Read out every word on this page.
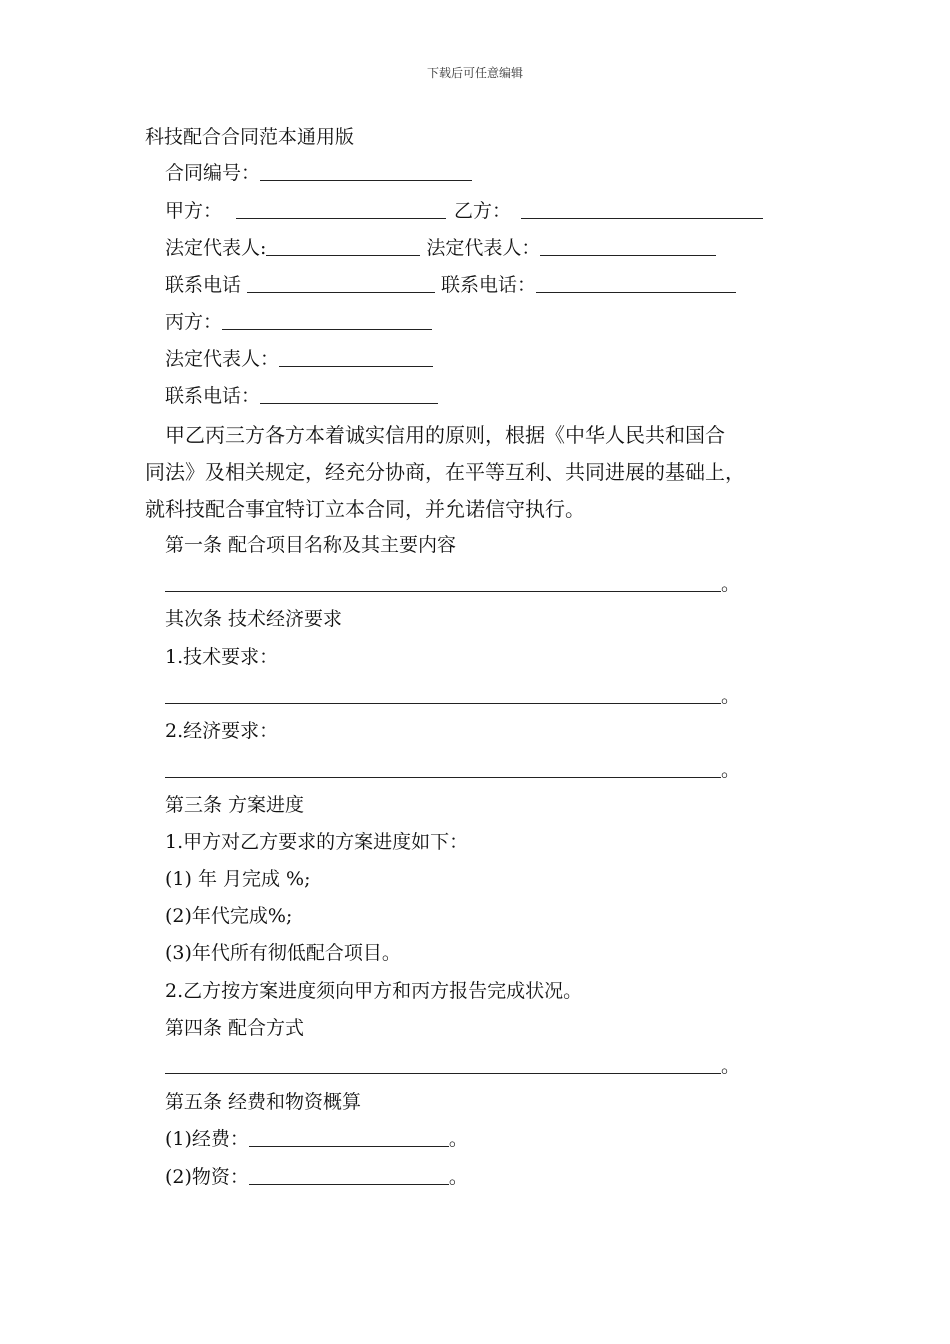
下载后可任意编辑
科技配合合同范本通用版
合同编号：
甲方：	乙方：
法定代表人:	法定代表人：
联系电话	联系电话：
丙方：
法定代表人：
联系电话：
甲乙丙三方各方本着诚实信用的原则，根据《中华人民共和国合
同法》及相关规定，经充分协商，在平等互利、共同进展的基础上，
就科技配合事宜特订立本合同，并允诺信守执行。
第一条 配合项目名称及其主要内容
。
其次条 技术经济要求
1.技术要求：
。
2.经济要求：
。
第三条 方案进度
1.甲方对乙方要求的方案进度如下：
(1) 年 月完成 %;
(2)年代完成%;
(3)年代所有彻低配合项目。
2.乙方按方案进度须向甲方和丙方报告完成状况。
第四条 配合方式
。
第五条 经费和物资概算
(1)经费：	。
(2)物资：	。
